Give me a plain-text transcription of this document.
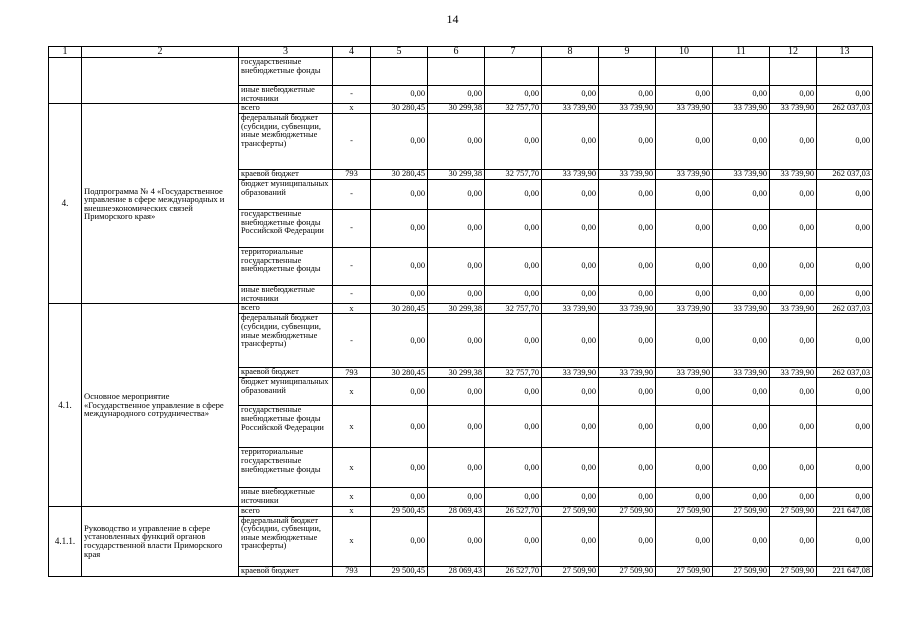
14
1	2	3	4	5	6	7	8	9	10	11	12	13
		государственные внебюджетные фонды										
		иные внебюджетные источники	-	0,00	0,00	0,00	0,00	0,00	0,00	0,00	0,00	0,00
4.	Подпрограмма № 4 «Государственное управление в сфере международных и внешнеэкономических связей Приморского края»	всего	x	30 280,45	30 299,38	32 757,70	33 739,90	33 739,90	33 739,90	33 739,90	33 739,90	262 037,03
		федеральный бюджет (субсидии, субвенции, иные межбюджетные трансферты)	-	0,00	0,00	0,00	0,00	0,00	0,00	0,00	0,00	0,00
		краевой бюджет	793	30 280,45	30 299,38	32 757,70	33 739,90	33 739,90	33 739,90	33 739,90	33 739,90	262 037,03
		бюджет муниципальных образований	-	0,00	0,00	0,00	0,00	0,00	0,00	0,00	0,00	0,00
		государственные внебюджетные фонды Российской Федерации	-	0,00	0,00	0,00	0,00	0,00	0,00	0,00	0,00	0,00
		территориальные государственные внебюджетные фонды	-	0,00	0,00	0,00	0,00	0,00	0,00	0,00	0,00	0,00
		иные внебюджетные источники	-	0,00	0,00	0,00	0,00	0,00	0,00	0,00	0,00	0,00
4.1.	Основное мероприятие «Государственное управление в сфере международного сотрудничества»	всего	x	30 280,45	30 299,38	32 757,70	33 739,90	33 739,90	33 739,90	33 739,90	33 739,90	262 037,03
		федеральный бюджет (субсидии, субвенции, иные межбюджетные трансферты)	-	0,00	0,00	0,00	0,00	0,00	0,00	0,00	0,00	0,00
		краевой бюджет	793	30 280,45	30 299,38	32 757,70	33 739,90	33 739,90	33 739,90	33 739,90	33 739,90	262 037,03
		бюджет муниципальных образований	x	0,00	0,00	0,00	0,00	0,00	0,00	0,00	0,00	0,00
		государственные внебюджетные фонды Российской Федерации	x	0,00	0,00	0,00	0,00	0,00	0,00	0,00	0,00	0,00
		территориальные государственные внебюджетные фонды	x	0,00	0,00	0,00	0,00	0,00	0,00	0,00	0,00	0,00
		иные внебюджетные источники	x	0,00	0,00	0,00	0,00	0,00	0,00	0,00	0,00	0,00
4.1.1.	Руководство и управление в сфере установленных функций органов государственной власти Приморского края	всего	x	29 500,45	28 069,43	26 527,70	27 509,90	27 509,90	27 509,90	27 509,90	27 509,90	221 647,08
		федеральный бюджет (субсидии, субвенции, иные межбюджетные трансферты)	x	0,00	0,00	0,00	0,00	0,00	0,00	0,00	0,00	0,00
		краевой бюджет	793	29 500,45	28 069,43	26 527,70	27 509,90	27 509,90	27 509,90	27 509,90	27 509,90	221 647,08
